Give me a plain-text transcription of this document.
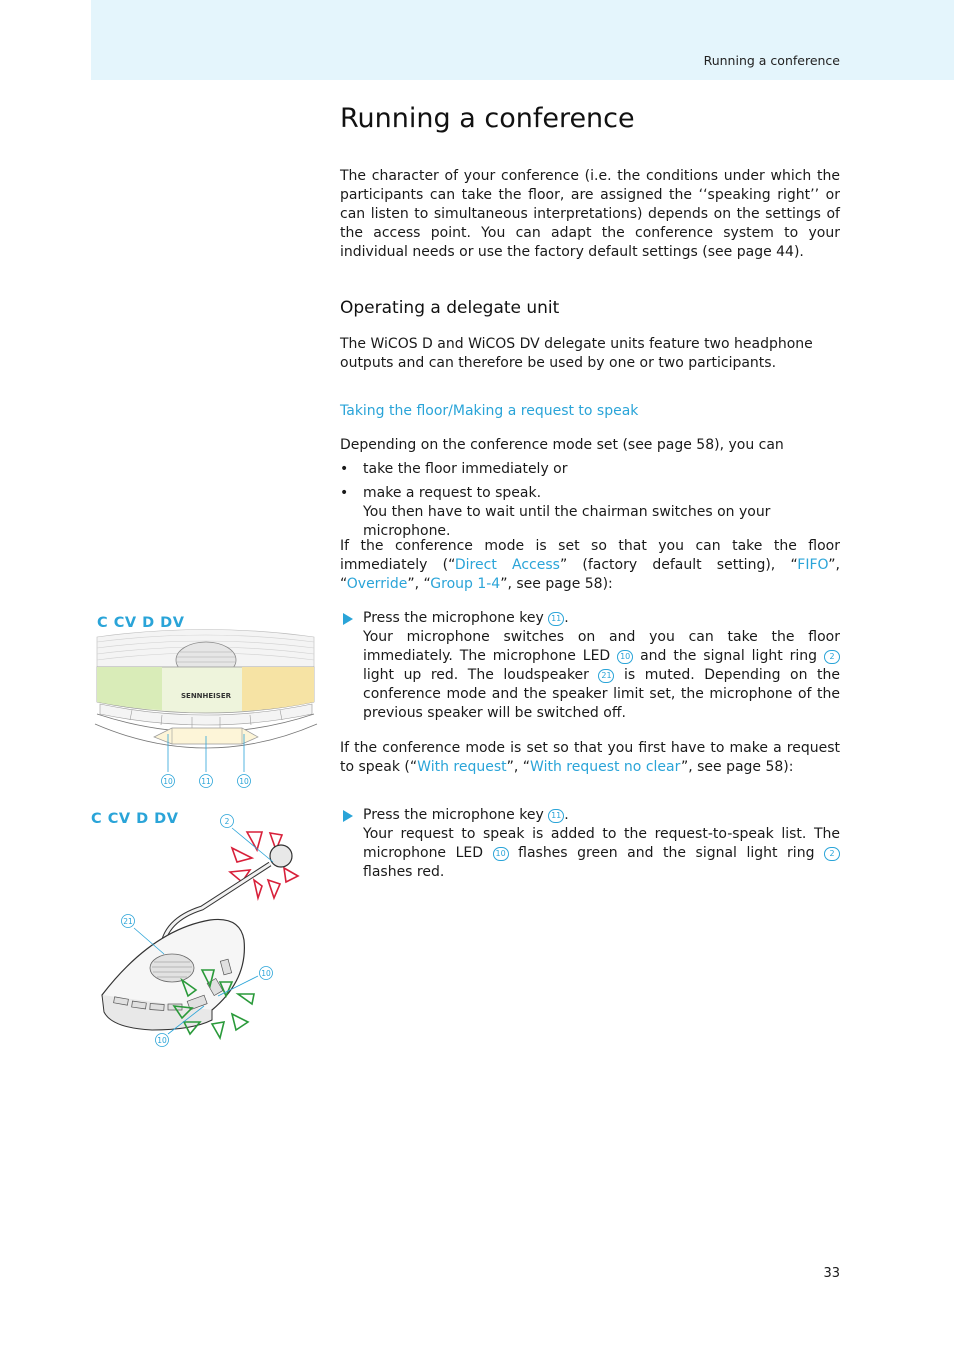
Running a conference
Running a conference

The character of your conference (i.e. the conditions under which the participants can take the floor, are assigned the ‘‘speaking right’’ or can listen to simultaneous interpretations) depends on the settings of the access point. You can adapt the conference system to your individual needs or use the factory default settings (see page 44).

Operating a delegate unit

The WiCOS D and WiCOS DV delegate units feature two headphone outputs and can therefore be used by one or two participants.

Taking the floor/Making a request to speak

Depending on the conference mode set (see page 58), you can

• take the floor immediately or
• make a request to speak.
You then have to wait until the chairman switches on your microphone.

If the conference mode is set so that you can take the floor immediately (“Direct Access” (factory default setting), “FIFO”, “Override”, “Group 1-4”, see page 58):

Press the microphone key 11 .
Your microphone switches on and you can take the floor immediately. The microphone LED 10 and the signal light ring 2 light up red. The loudspeaker 21 is muted. Depending on the conference mode and the speaker limit set, the microphone of the previous speaker will be switched off.

If the conference mode is set so that you first have to make a request to speak (“With request”, “With request no clear”, see page 58):

Press the microphone key 11 .
Your request to speak is added to the request-to-speak list. The microphone LED 10 flashes green and the signal light ring 2 flashes red.
C CV D DV
SENNHEISER
10	11	10
C CV D DV	2
21
10
10
33
